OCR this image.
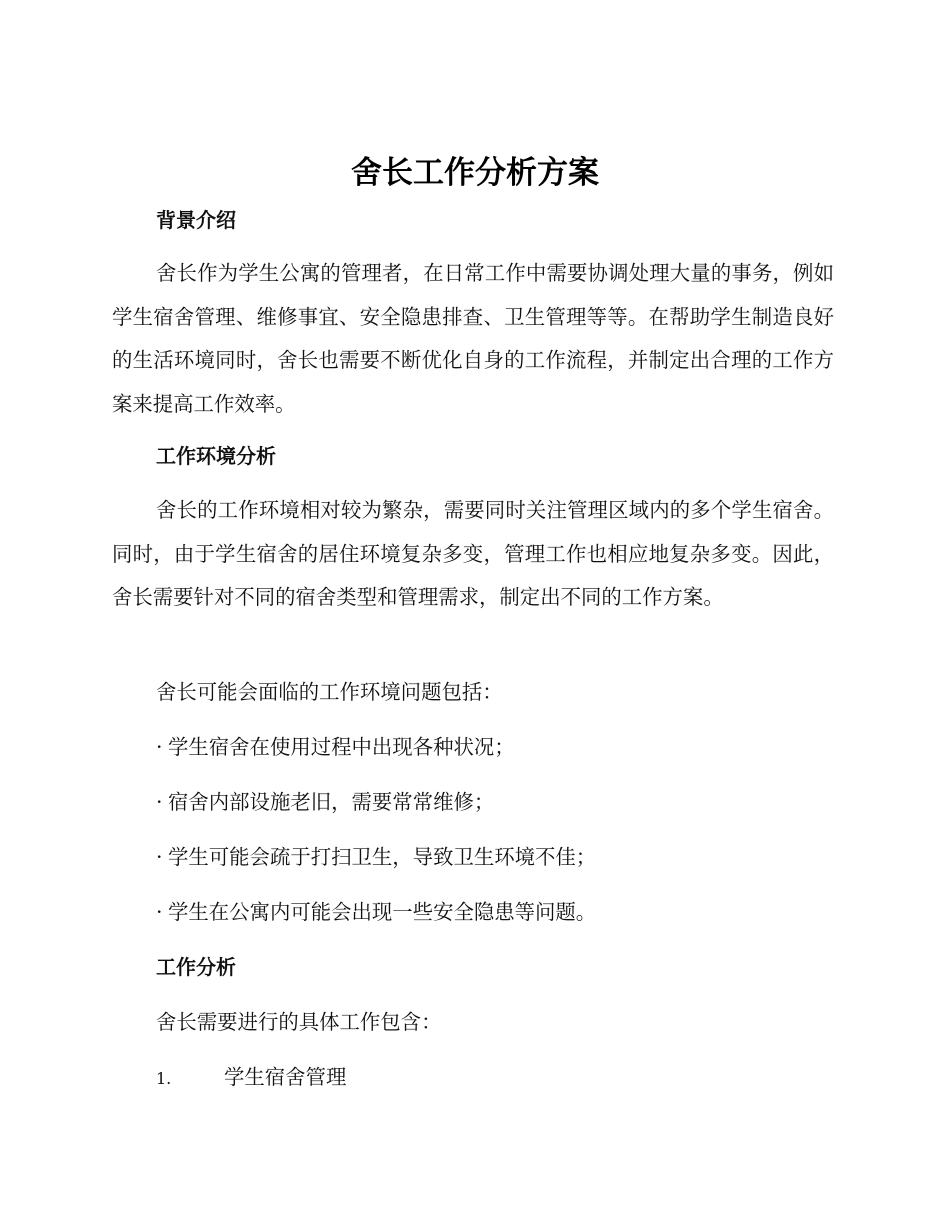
舍长工作分析方案
背景介绍

舍长作为学生公寓的管理者，在日常工作中需要协调处理大量的事务，例如学生宿舍管理、维修事宜、安全隐患排查、卫生管理等等。在帮助学生制造良好的生活环境同时，舍长也需要不断优化自身的工作流程，并制定出合理的工作方案来提高工作效率。

工作环境分析

舍长的工作环境相对较为繁杂，需要同时关注管理区域内的多个学生宿舍。同时，由于学生宿舍的居住环境复杂多变，管理工作也相应地复杂多变。因此，舍长需要针对不同的宿舍类型和管理需求，制定出不同的工作方案。

舍长可能会面临的工作环境问题包括：

· 学生宿舍在使用过程中出现各种状况；

· 宿舍内部设施老旧，需要常常维修；

· 学生可能会疏于打扫卫生，导致卫生环境不佳；

· 学生在公寓内可能会出现一些安全隐患等问题。

工作分析

舍长需要进行的具体工作包含：

1.	学生宿舍管理
